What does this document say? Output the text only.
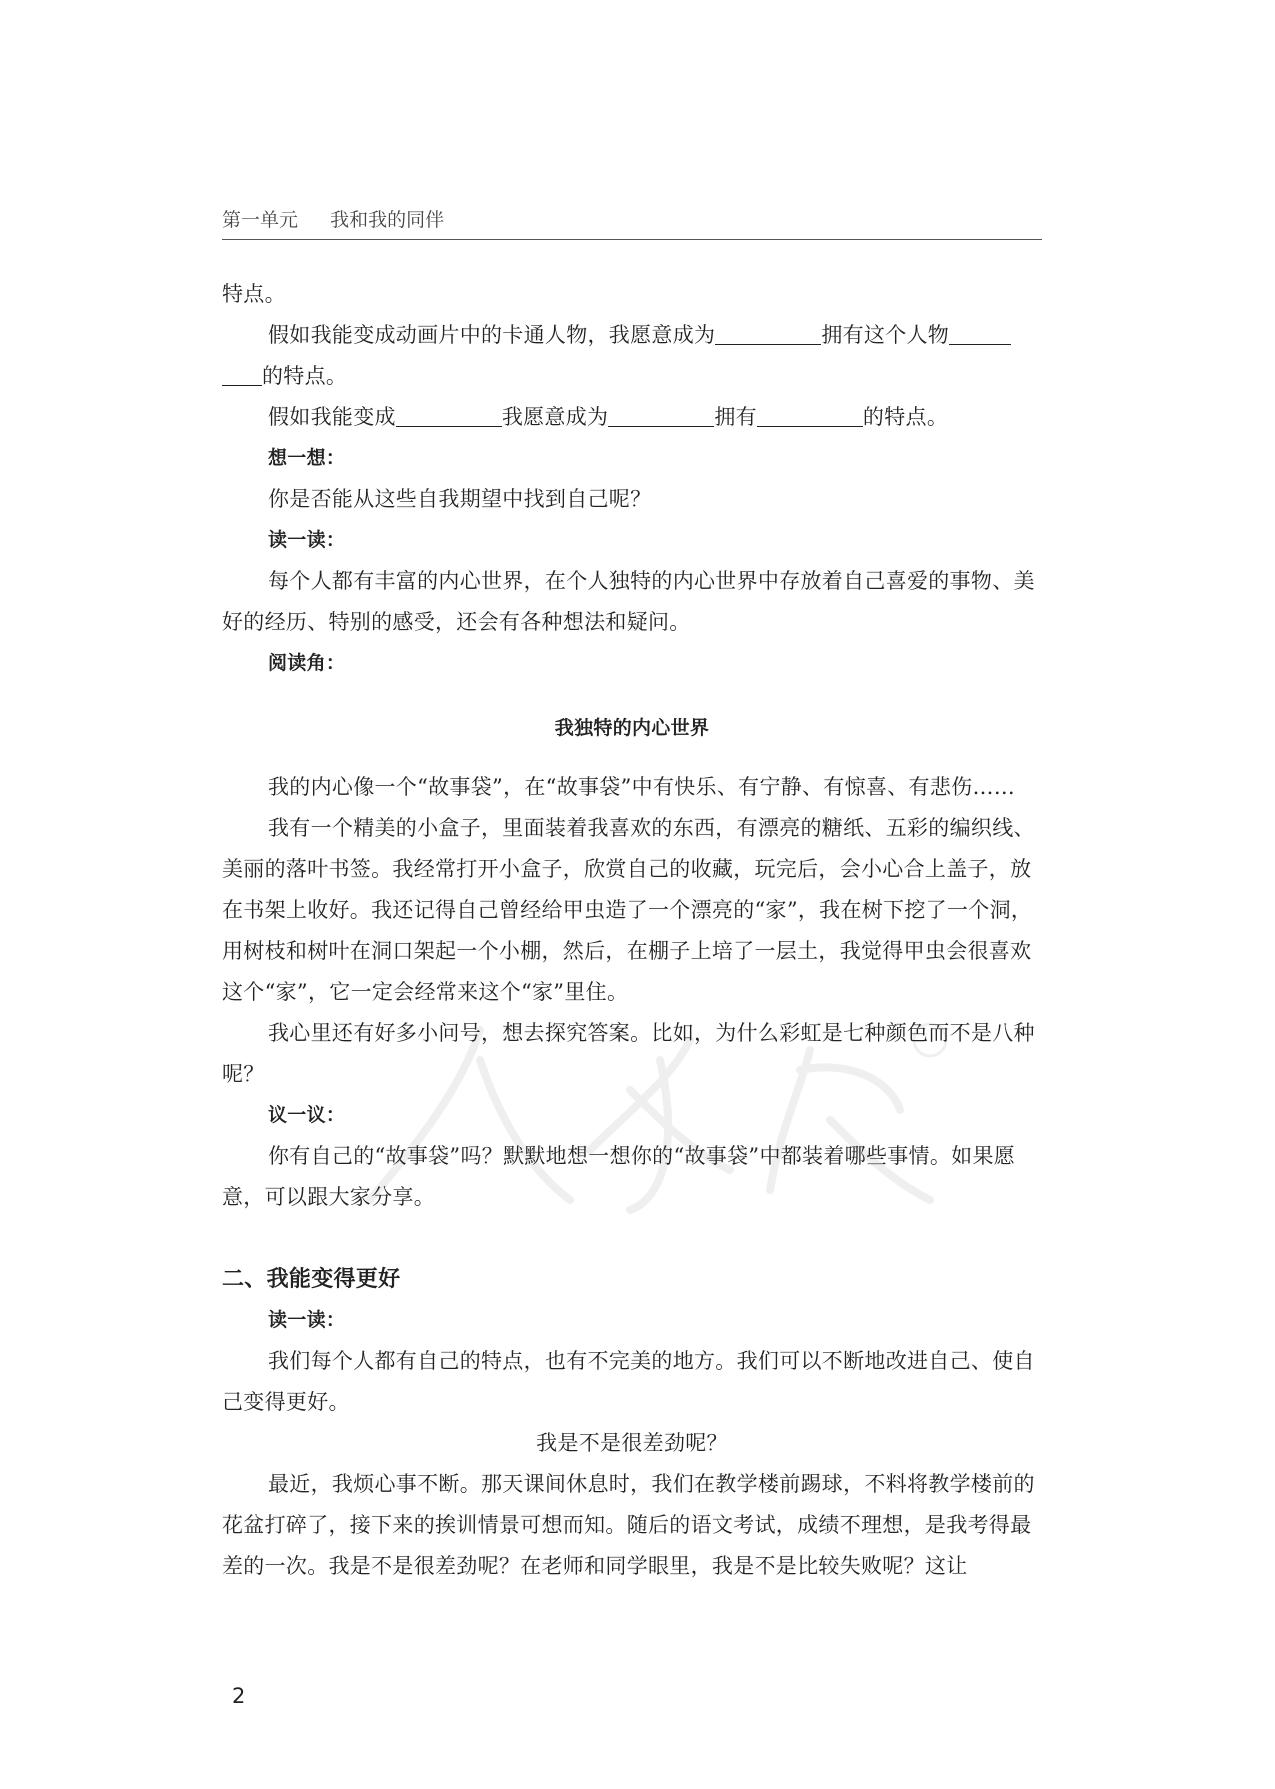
第一单元 我和我的同伴

特点。

假如我能变成动画片中的卡通人物，我愿意成为	拥有这个人物

的特点。

假如我能变成	我愿意成为	拥有	的特点。

想一想：

你是否能从这些自我期望中找到自己呢？

读一读：

每个人都有丰富的内心世界，在个人独特的内心世界中存放着自己喜爱的事物、美好的经历、特别的感受，还会有各种想法和疑问。

阅读角：

我独特的内心世界

我的内心像一个“故事袋”，在“故事袋”中有快乐、有宁静、有惊喜、有悲伤……

我有一个精美的小盒子，里面装着我喜欢的东西，有漂亮的糖纸、五彩的编织线、美丽的落叶书签。我经常打开小盒子，欣赏自己的收藏，玩完后，会小心合上盖子，放在书架上收好。我还记得自己曾经给甲虫造了一个漂亮的“家”，我在树下挖了一个洞，用树枝和树叶在洞口架起一个小棚，然后，在棚子上培了一层土，我觉得甲虫会很喜欢这个“家”，它一定会经常来这个“家”里住。

我心里还有好多小问号，想去探究答案。比如，为什么彩虹是七种颜色而不是八种呢？

议一议：

你有自己的“故事袋”吗？默默地想一想你的“故事袋”中都装着哪些事情。如果愿意，可以跟大家分享。

二、我能变得更好

读一读：

我们每个人都有自己的特点，也有不完美的地方。我们可以不断地改进自己、使自己变得更好。

我是不是很差劲呢？

最近，我烦心事不断。那天课间休息时，我们在教学楼前踢球，不料将教学楼前的花盆打碎了，接下来的挨训情景可想而知。随后的语文考试，成绩不理想，是我考得最差的一次。我是不是很差劲呢？在老师和同学眼里，我是不是比较失败呢？这让

2
